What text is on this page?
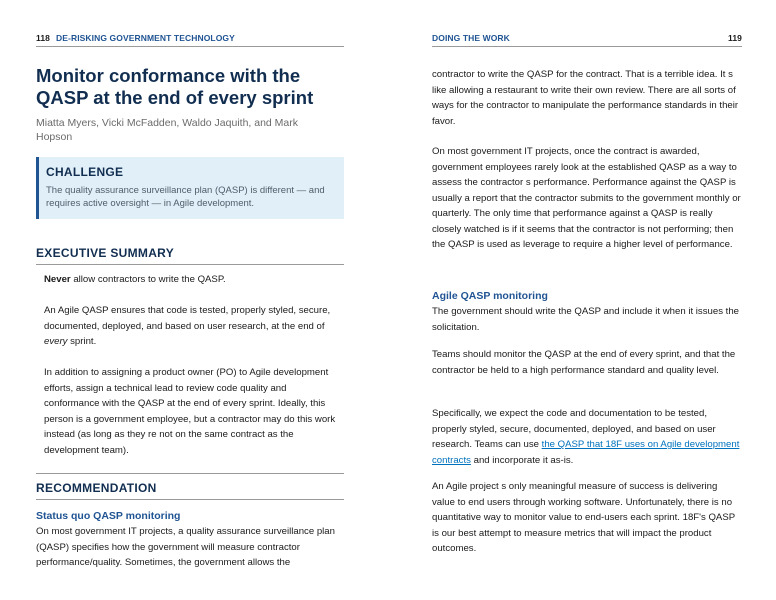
118 DE-RISKING GOVERNMENT TECHNOLOGY
Monitor conformance with the QASP at the end of every sprint
Miatta Myers, Vicki McFadden, Waldo Jaquith, and Mark Hopson
CHALLENGE

The quality assurance surveillance plan (QASP) is different — and requires active oversight — in Agile development.

EXECUTIVE SUMMARY

Never allow contractors to write the QASP.

An Agile QASP ensures that code is tested, properly styled, secure, documented, deployed, and based on user research, at the end of every sprint.

In addition to assigning a product owner (PO) to Agile development efforts, assign a technical lead to review code quality and conformance with the QASP at the end of every sprint. Ideally, this person is a government employee, but a contractor may do this work instead (as long as they re not on the same contract as the development team).

RECOMMENDATION
Status quo QASP monitoring

On most government IT projects, a quality assurance surveillance plan (QASP) specifies how the government will measure contractor performance/quality. Sometimes, the government allows the

DOING THE WORK	119

contractor to write the QASP for the contract. That is a terrible idea. It s like allowing a restaurant to write their own review. There are all sorts of ways for the contractor to manipulate the performance standards in their favor.

On most government IT projects, once the contract is awarded, government employees rarely look at the established QASP as a way to assess the contractor s performance. Performance against the QASP is usually a report that the contractor submits to the government monthly or quarterly. The only time that performance against a QASP is really closely watched is if it seems that the contractor is not performing; then the QASP is used as leverage to require a higher level of performance.

Agile QASP monitoring

The government should write the QASP and include it when it issues the solicitation.

Teams should monitor the QASP at the end of every sprint, and that the contractor be held to a high performance standard and quality level.

Specifically, we expect the code and documentation to be tested, properly styled, secure, documented, deployed, and based on user research. Teams can use the QASP that 18F uses on Agile development contracts and incorporate it as-is.

An Agile project s only meaningful measure of success is delivering value to end users through working software. Unfortunately, there is no quantitative way to monitor value to end-users each sprint. 18F's QASP is our best attempt to measure metrics that will impact the product outcomes.
